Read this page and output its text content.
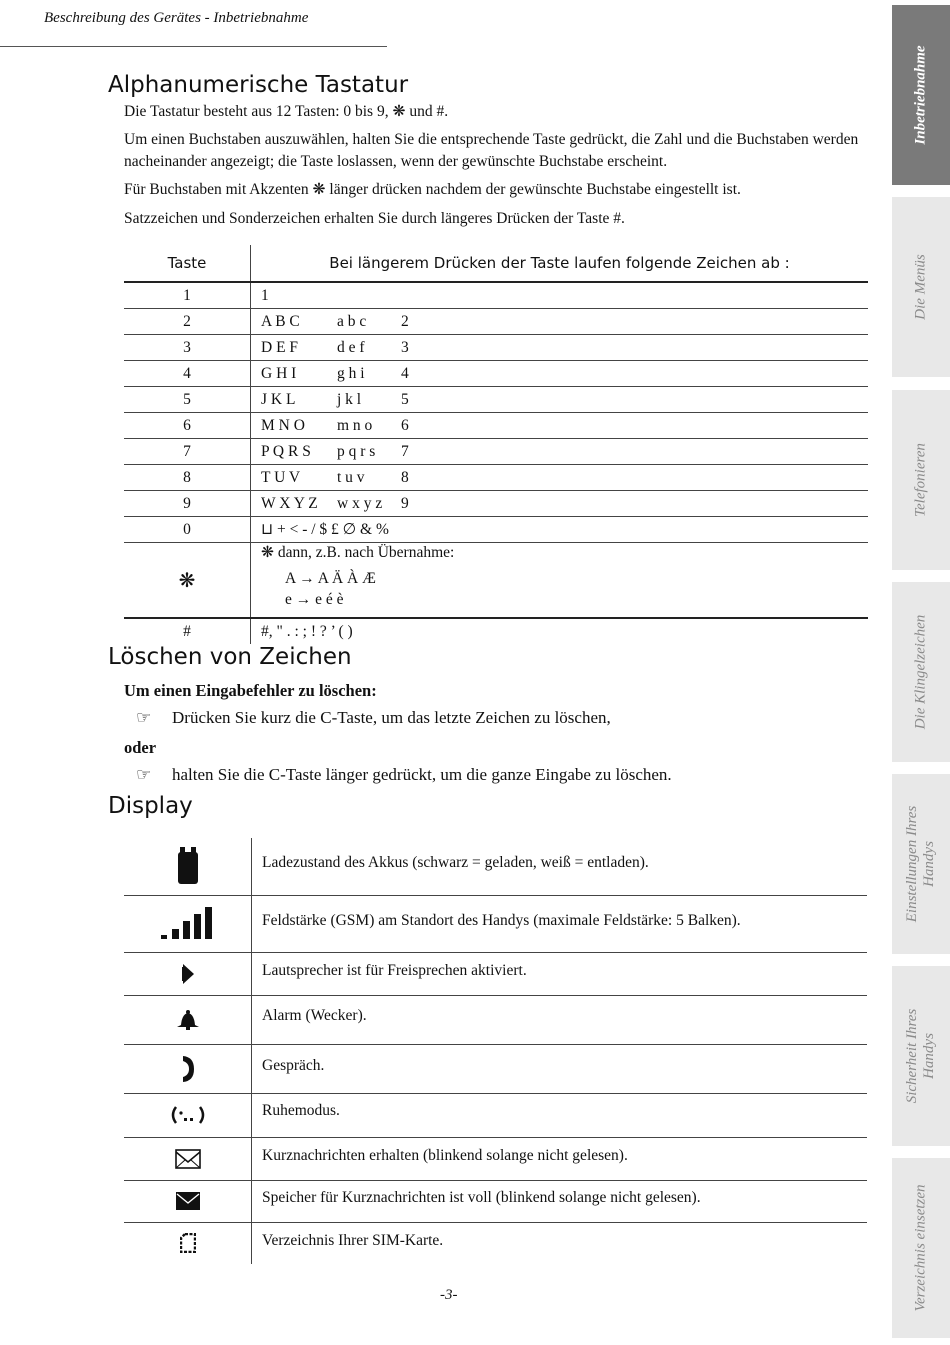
Beschreibung des Gerätes - Inbetriebnahme
Alphanumerische Tastatur
Die Tastatur besteht aus 12 Tasten: 0 bis 9, ❋ und #.
Um einen Buchstaben auszuwählen, halten Sie die entsprechende Taste gedrückt, die Zahl und die Buchstaben werden nacheinander angezeigt; die Taste loslassen, wenn der gewünschte Buchstabe erscheint.
Für Buchstaben mit Akzenten ❋ länger drücken nachdem der gewünschte Buchstabe eingestellt ist.
Satzzeichen und Sonderzeichen erhalten Sie durch längeres Drücken der Taste #.
Taste	Bei längerem Drücken der Taste laufen folgende Zeichen ab :
1	1
2	A B C a b c 2
3	D E F d e f 3
4	G H I g h i 4
5	J K L j k l 5
6	M N O m n o 6
7	P Q R S p q r s 7
8	T U V t u v 8
9	W X Y Z w x y z 9
0	⊔ + < - / $ £ ∅ & %
❋	❋ dann, z.B. nach Übernahme:
A → A Ä À Æ
e → e é è

#	#, " . : ; ! ? ’ ( )
Löschen von Zeichen
Um einen Eingabefehler zu löschen:
☞ Drücken Sie kurz die C-Taste, um das letzte Zeichen zu löschen,
oder
☞ halten Sie die C-Taste länger gedrückt, um die ganze Eingabe zu löschen.
Display
	Ladezustand des Akkus (schwarz = geladen, weiß = entladen).

	Feldstärke (GSM) am Standort des Handys (maximale Feldstärke: 5 Balken).

	Lautsprecher ist für Freisprechen aktiviert.

	Alarm (Wecker).

	Gespräch.

	Ruhemodus.

	Kurznachrichten erhalten (blinkend solange nicht gelesen).

	Speicher für Kurznachrichten ist voll (blinkend solange nicht gelesen).

	Verzeichnis Ihrer SIM-Karte.
-3-
Inbetriebnahme
Die Menüs
Telefonieren
Die Klingelzeichen
Einstellungen Ihres Handys
Sicherheit Ihres Handys
Verzeichnis einsetzen
